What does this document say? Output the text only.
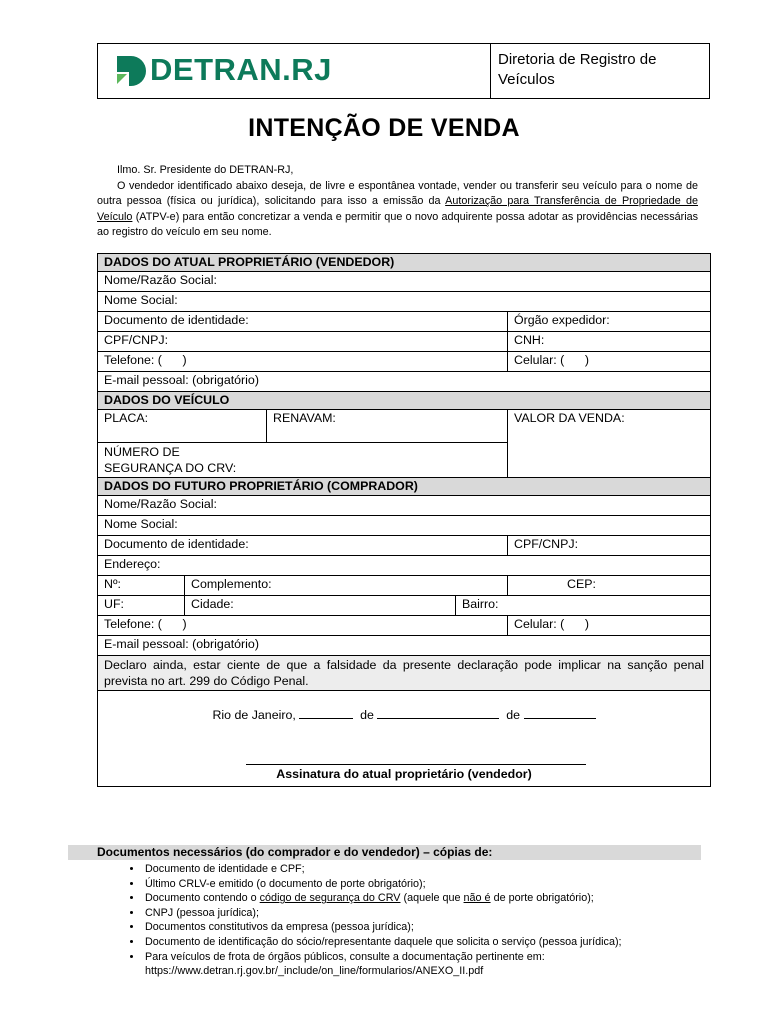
DETRAN.RJ	Diretoria de Registro de Veículos
INTENÇÃO DE VENDA

Ilmo. Sr. Presidente do DETRAN-RJ,

O vendedor identificado abaixo deseja, de livre e espontânea vontade, vender ou transferir seu veículo para o nome de outra pessoa (física ou jurídica), solicitando para isso a emissão da Autorização para Transferência de Propriedade de Veículo (ATPV-e) para então concretizar a venda e permitir que o novo adquirente possa adotar as providências necessárias ao registro do veículo em seu nome.

DADOS DO ATUAL PROPRIETÁRIO (VENDEDOR)				
Nome/Razão Social:				
Nome Social:				
Documento de identidade:				Órgão expedidor:
CPF/CNPJ:				CNH:
Telefone: (      )				Celular: (      )
E-mail pessoal: (obrigatório)				
DADOS DO VEÍCULO				
PLACA:		RENAVAM:		VALOR DA VENDA:

NÚMERO DE
SEGURANÇA DO CRV:				

DADOS DO FUTURO PROPRIETÁRIO (COMPRADOR)				
Nome/Razão Social:				
Nome Social:				
Documento de identidade:				CPF/CNPJ:
Endereço:				
Nº:	Complemento:			CEP:
UF:	Cidade:		Bairro:	
Telefone: (      )				Celular: (      )
E-mail pessoal: (obrigatório)				
Declaro ainda, estar ciente de que a falsidade da presente declaração pode implicar na sanção penal prevista no art. 299 do Código Penal.				

Rio de Janeiro, de de
Assinatura do atual proprietário (vendedor)				
Documentos necessários (do comprador e do vendedor) – cópias de:
• Documento de identidade e CPF;
• Último CRLV-e emitido (o documento de porte obrigatório);
• Documento contendo o código de segurança do CRV (aquele que não é de porte obrigatório);
• CNPJ (pessoa jurídica);
• Documentos constitutivos da empresa (pessoa jurídica);
• Documento de identificação do sócio/representante daquele que solicita o serviço (pessoa jurídica);
• Para veículos de frota de órgãos públicos, consulte a documentação pertinente em: https://www.detran.rj.gov.br/_include/on_line/formularios/ANEXO_II.pdf
